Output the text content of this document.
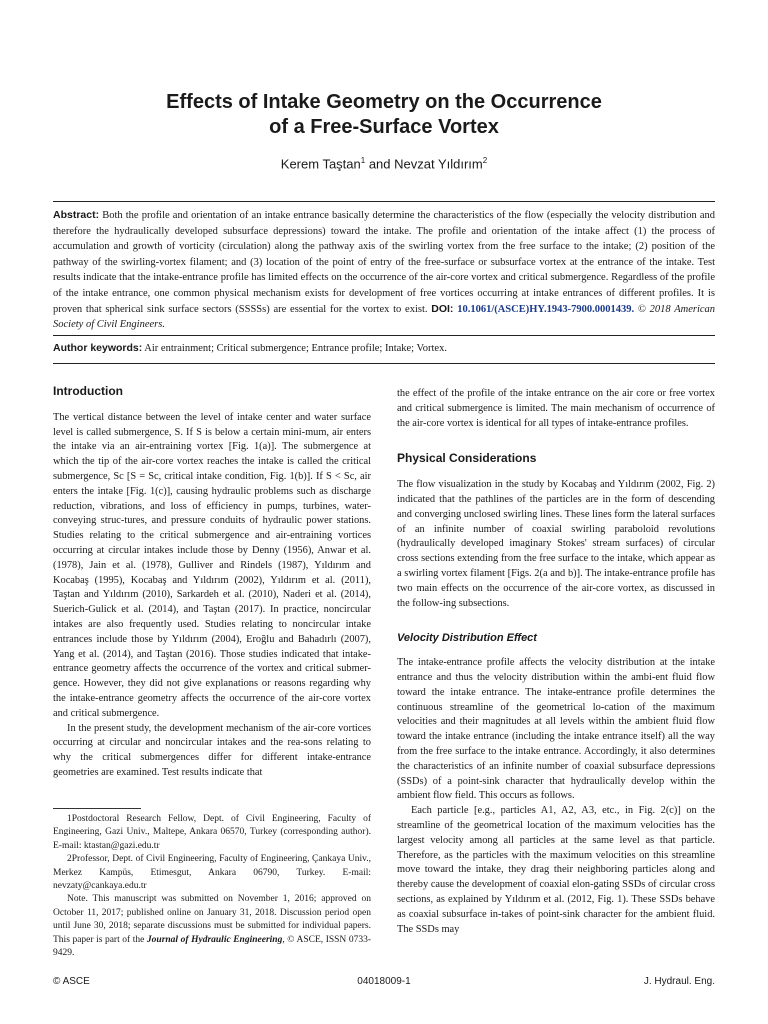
Effects of Intake Geometry on the Occurrence
of a Free-Surface Vortex
Kerem Taştan$^1$ and Nevzat Yıldırım$^2$
Abstract: Both the profile and orientation of an intake entrance basically determine the characteristics of the flow (especially the velocity distribution and therefore the hydraulically developed subsurface depressions) toward the intake. The profile and orientation of the intake affect (1) the process of accumulation and growth of vorticity (circulation) along the pathway axis of the swirling vortex from the free surface to the intake; (2) position of the pathway of the swirling-vortex filament; and (3) location of the point of entry of the free-surface or subsurface vortex at the entrance of the intake. Test results indicate that the intake-entrance profile has limited effects on the occurrence of the air-core vortex and critical submergence. Regardless of the profile of the intake entrance, one common physical mechanism exists for development of free vortices occurring at intake entrances of different profiles. It is proven that spherical sink surface sectors (SSSSs) are essential for the vortex to exist. DOI: 10.1061/(ASCE)HY.1943-7900.0001439. © 2018 American Society of Civil Engineers.
Author keywords: Air entrainment; Critical submergence; Entrance profile; Intake; Vortex.

Introduction

The vertical distance between the level of intake center and water surface level is called submergence, S. If S is below a certain mini-mum, air enters the intake via an air-entraining vortex [Fig. 1(a)]. The submergence at which the tip of the air-core vortex reaches the intake is called the critical submergence, Sc [S = Sc, critical intake condition, Fig. 1(b)]. If S < Sc, air enters the intake [Fig. 1(c)], causing hydraulic problems such as discharge reduction, vibrations, and loss of efficiency in pumps, turbines, water-conveying struc-tures, and pressure conduits of hydraulic power stations. Studies relating to the critical submergence and air-entraining vortices occurring at circular intakes include those by Denny (1956), Anwar et al. (1978), Jain et al. (1978), Gulliver and Rindels (1987), Yıldırım and Kocabaş (1995), Kocabaş and Yıldırım (2002), Yıldırım et al. (2011), Taştan and Yıldırım (2010), Sarkardeh et al. (2010), Naderi et al. (2014), Suerich-Gulick et al. (2014), and Taştan (2017). In practice, noncircular intakes are also frequently used. Studies relating to noncircular intake entrances include those by Yıldırım (2004), Eroğlu and Bahadırlı (2007), Yang et al. (2014), and Taştan (2016). Those studies indicated that intake-entrance geometry affects the occurrence of the vortex and critical submer-gence. However, they did not give explanations or reasons regarding why the intake-entrance geometry affects the occurrence of the air-core vortex and critical submergence.

In the present study, the development mechanism of the air-core vortices occurring at circular and noncircular intakes and the rea-sons relating to why the critical submergences differ for different intake-entrance geometries are examined. Test results indicate that

1Postdoctoral Research Fellow, Dept. of Civil Engineering, Faculty of Engineering, Gazi Univ., Maltepe, Ankara 06570, Turkey (corresponding author). E-mail: ktastan@gazi.edu.tr

2Professor, Dept. of Civil Engineering, Faculty of Engineering, Çankaya Univ., Merkez Kampüs, Etimesgut, Ankara 06790, Turkey. E-mail: nevzaty@cankaya.edu.tr

Note. This manuscript was submitted on November 1, 2016; approved on October 11, 2017; published online on January 31, 2018. Discussion period open until June 30, 2018; separate discussions must be submitted for individual papers. This paper is part of the Journal of Hydraulic Engineering, © ASCE, ISSN 0733-9429.

the effect of the profile of the intake entrance on the air core or free vortex and critical submergence is limited. The main mechanism of occurrence of the air-core vortex is identical for all types of intake-entrance profiles.

Physical Considerations

The flow visualization in the study by Kocabaş and Yıldırım (2002, Fig. 2) indicated that the pathlines of the particles are in the form of descending and converging unclosed swirling lines. These lines form the lateral surfaces of an infinite number of coaxial swirling paraboloid revolutions (hydraulically developed imaginary Stokes' stream surfaces) of circular cross sections extending from the free surface to the intake, which appear as a swirling vortex filament [Figs. 2(a and b)]. The intake-entrance profile has two main effects on the occurrence of the air-core vortex, as discussed in the follow-ing subsections.

Velocity Distribution Effect

The intake-entrance profile affects the velocity distribution at the intake entrance and thus the velocity distribution within the ambi-ent fluid flow toward the intake entrance. The intake-entrance profile determines the continuous streamline of the geometrical lo-cation of the maximum velocities and their magnitudes at all levels within the ambient fluid flow toward the intake entrance (including the intake entrance itself) all the way from the free surface to the intake entrance. Accordingly, it also determines the characteristics of an infinite number of coaxial subsurface depressions (SSDs) of a point-sink character that hydraulically develop within the ambient flow field. This occurs as follows.

Each particle [e.g., particles A1, A2, A3, etc., in Fig. 2(c)] on the streamline of the geometrical location of the maximum velocities has the largest velocity among all particles at the same level as that particle. Therefore, as the particles with the maximum velocities on this streamline move toward the intake, they drag their neighboring particles along and thereby cause the development of coaxial elon-gating SSDs of circular cross sections, as explained by Yıldırım et al. (2012, Fig. 1). These SSDs behave as coaxial subsurface in-takes of point-sink character for the ambient fluid. The SSDs may

© ASCE	04018009-1	J. Hydraul. Eng.
